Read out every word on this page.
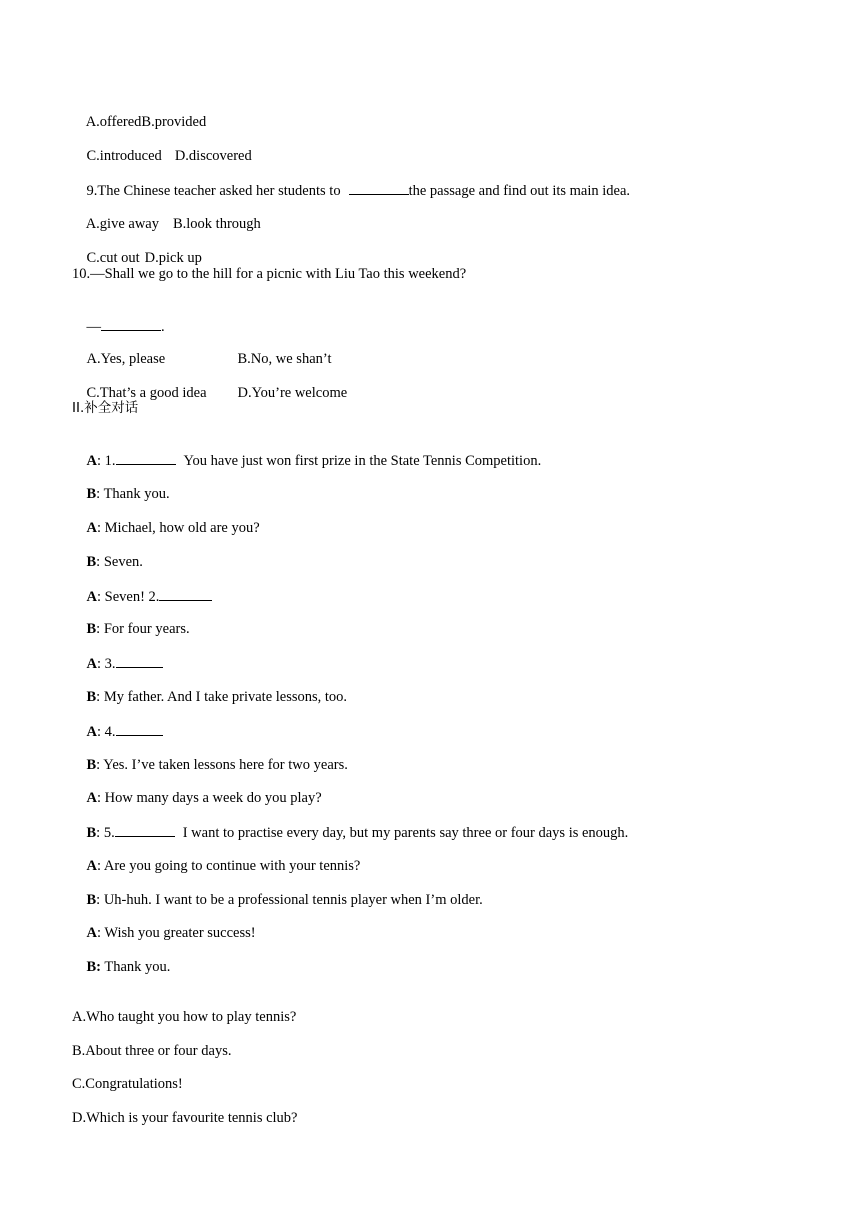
A.offeredB.provided

C.introduced D.discovered

9.The Chinese teacher asked her students to	the passage and find out its main idea.

A.give away B.look through

C.cut out D.pick up

10.—Shall we go to the hill for a picnic with Liu Tao this weekend?

—	.

A.Yes, please	B.No, we shan’t

C.That’s a good idea D.You’re welcome

II.补全对话

A: 1.	You have just won first prize in the State Tennis Competition.

B: Thank you.

A: Michael, how old are you?

B: Seven.

A: Seven! 2.

B: For four years.

A: 3.

B: My father. And I take private lessons, too.

A: 4.

B: Yes. I’ve taken lessons here for two years.

A: How many days a week do you play?

B: 5.	I want to practise every day, but my parents say three or four days is enough.

A: Are you going to continue with your tennis?

B: Uh-huh. I want to be a professional tennis player when I’m older.

A: Wish you greater success!

B: Thank you.

A.Who taught you how to play tennis?
B.About three or four days.
C.Congratulations!
D.Which is your favourite tennis club?
